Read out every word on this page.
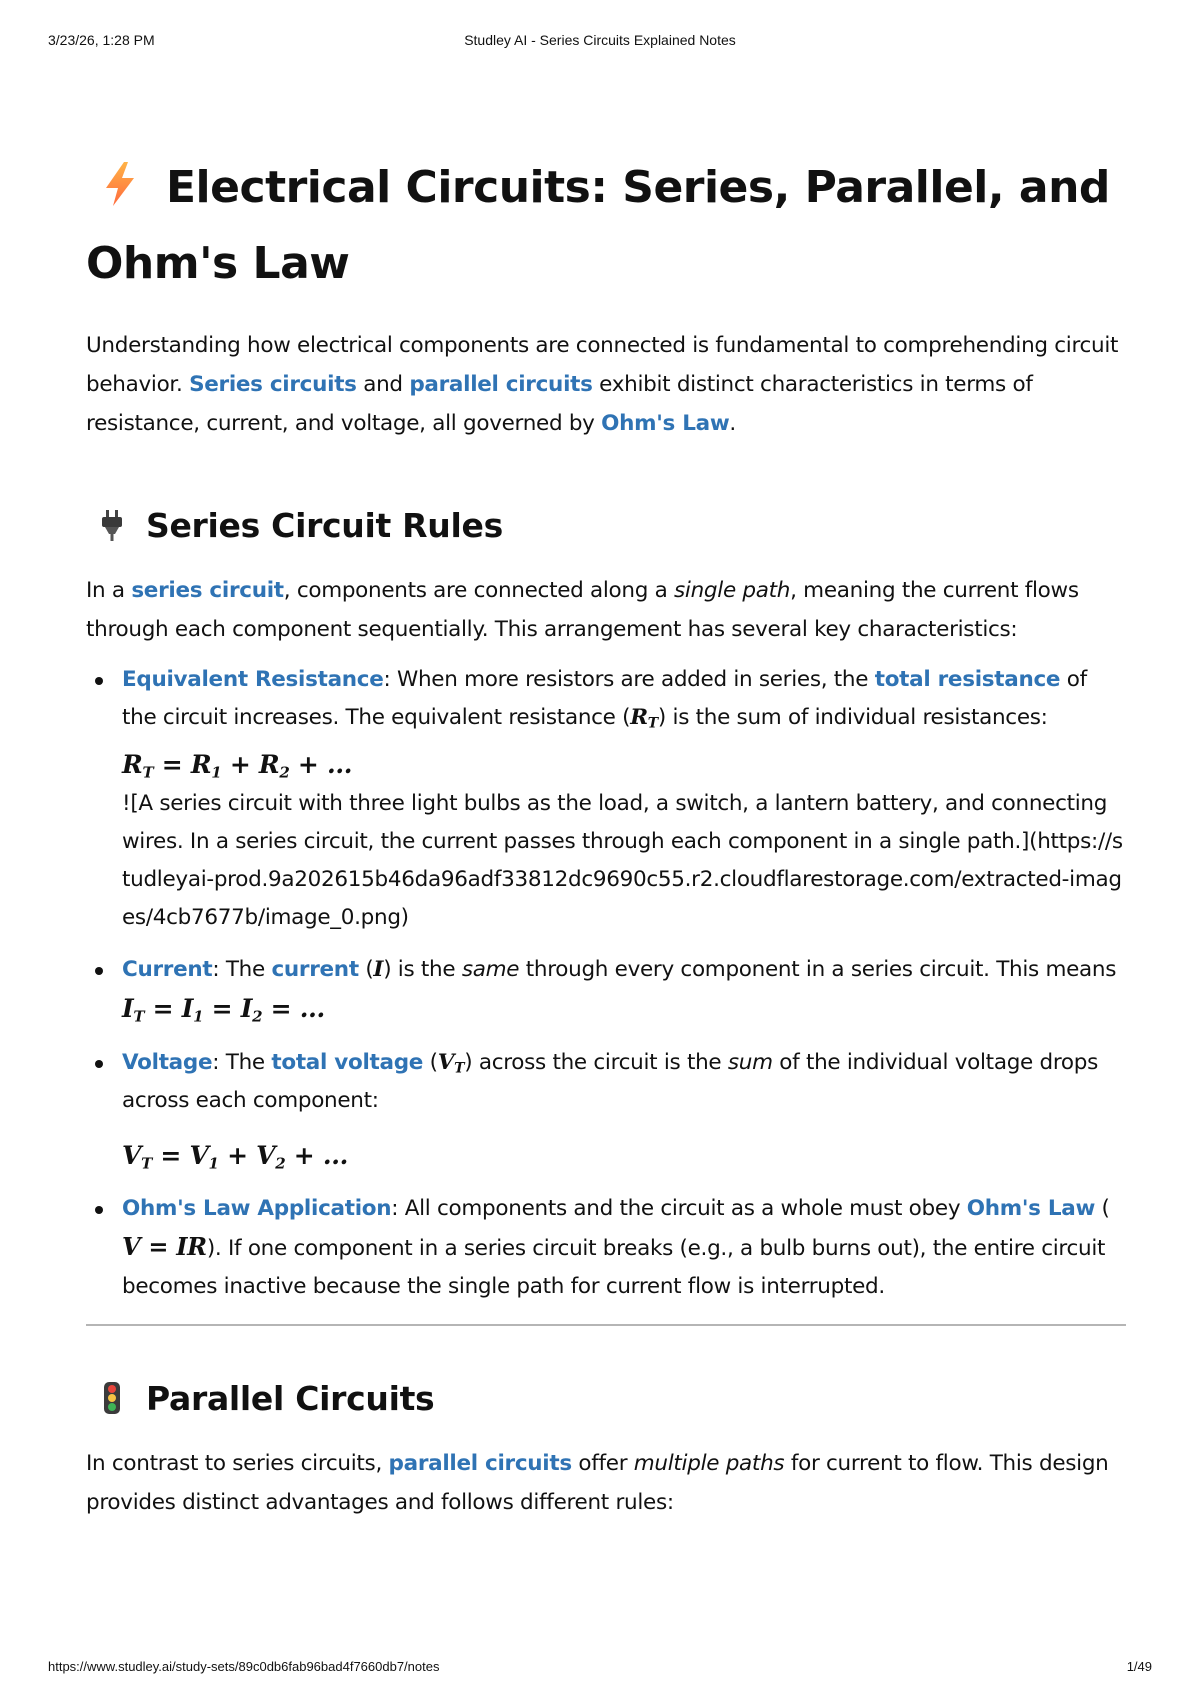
3/23/26, 1:28 PM	Studley AI - Series Circuits Explained Notes
Electrical Circuits: Series, Parallel, and
Ohm's Law

Understanding how electrical components are connected is fundamental to comprehending circuit behavior. Series circuits and parallel circuits exhibit distinct characteristics in terms of resistance, current, and voltage, all governed by Ohm's Law.

Series Circuit Rules

In a series circuit, components are connected along a single path, meaning the current flows through each component sequentially. This arrangement has several key characteristics:

Equivalent Resistance: When more resistors are added in series, the total resistance of the circuit increases. The equivalent resistance $(R_T)$ is the sum of individual resistances:
$R_T = R_1 + R_2$ + ...
![A series circuit with three light bulbs as the load, a switch, a lantern battery, and connecting wires. In a series circuit, the current passes through each component in a single path.](https://studleyai-prod.9a202615b46da96adf33812dc9690c55.r2.cloudflarestorage.com/extracted-images/4cb7677b/image_0.png)
Current: The current (I) is the same through every component in a series circuit. This means
$I_T = I_1 = I_2$ = ...
Voltage: The total voltage $(V_T)$ across the circuit is the sum of the individual voltage drops across each component:
$V_T = V_1 + V_2$ + ...
Ohm's Law Application: All components and the circuit as a whole must obey Ohm's Law (
V = IR). If one component in a series circuit breaks (e.g., a bulb burns out), the entire circuit becomes inactive because the single path for current flow is interrupted.
Parallel Circuits

In contrast to series circuits, parallel circuits offer multiple paths for current to flow. This design provides distinct advantages and follows different rules:

https://www.studley.ai/study-sets/89c0db6fab96bad4f7660db7/notes	1/49
